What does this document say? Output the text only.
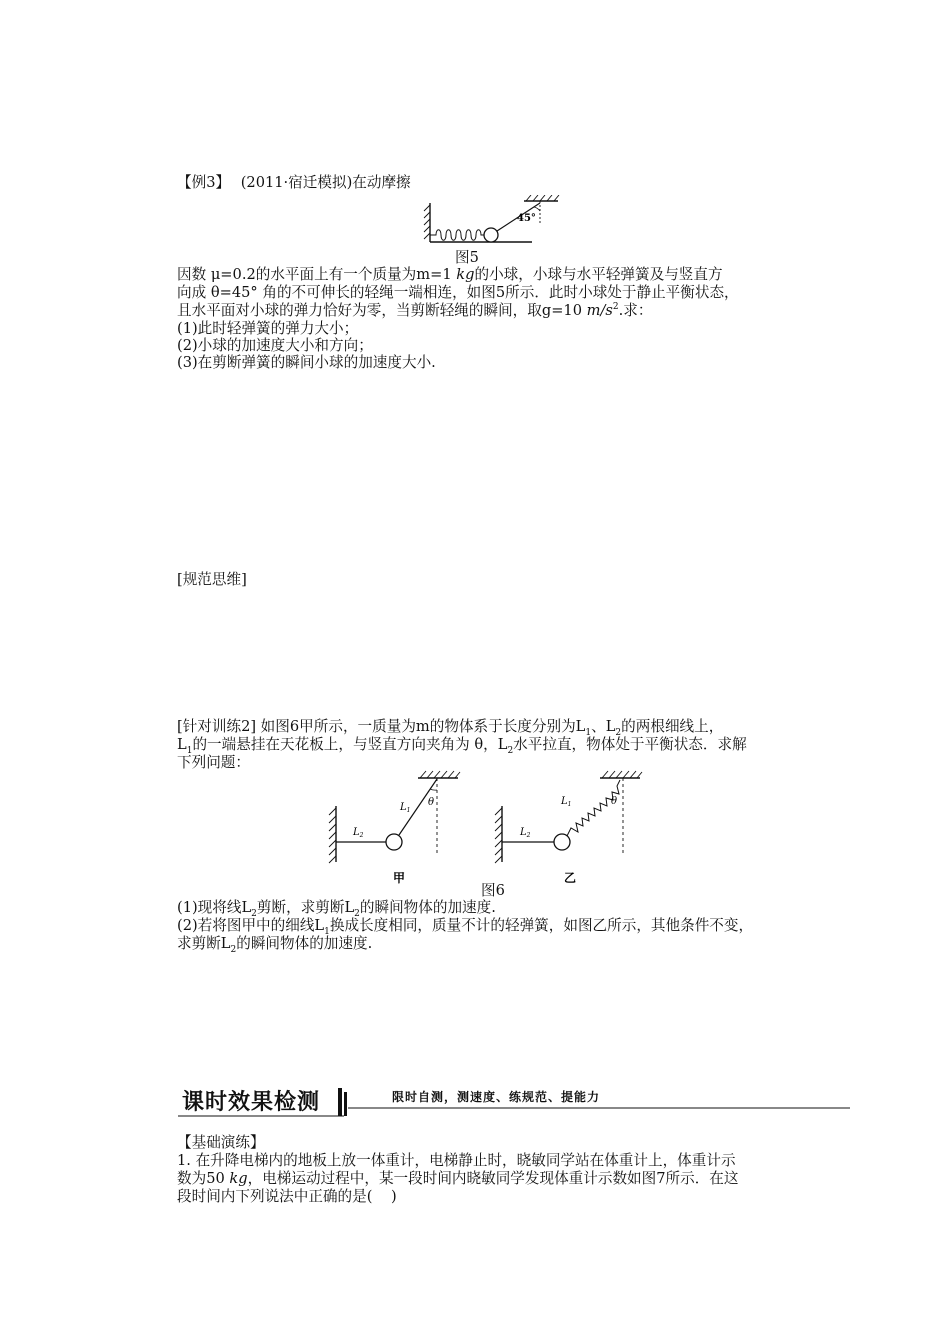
【例3】 (2011·宿迁模拟)在动摩擦
45°
图5
因数 μ=0.2的水平面上有一个质量为m=1 kg的小球，小球与水平轻弹簧及与竖直方
向成 θ=45° 角的不可伸长的轻绳一端相连，如图5所示．此时小球处于静止平衡状态，
且水平面对小球的弹力恰好为零，当剪断轻绳的瞬间，取g=10 $m/s^2$.求：
(1)此时轻弹簧的弹力大小；
(2)小球的加速度大小和方向；
(3)在剪断弹簧的瞬间小球的加速度大小.
[规范思维]
[针对训练2] 如图6甲所示，一质量为m的物体系于长度分别为$L_1$、$L_2$的两根细线上，
$L_1$的一端悬挂在天花板上，与竖直方向夹角为 θ，$L_2$水平拉直，物体处于平衡状态．求解
下列问题：
θ
$L_1$
$L_2$
甲
θ
$L_1$
$L_2$
乙
图6
(1)现将线$L_2$剪断，求剪断$L_2$的瞬间物体的加速度.
(2)若将图甲中的细线$L_1$换成长度相同，质量不计的轻弹簧，如图乙所示，其他条件不变，
求剪断$L_2$的瞬间物体的加速度.
课时效果检测	限时自测，测速度、练规范、提能力
【基础演练】
1. 在升降电梯内的地板上放一体重计，电梯静止时，晓敏同学站在体重计上，体重计示
数为50 kg，电梯运动过程中，某一段时间内晓敏同学发现体重计示数如图7所示．在这
段时间内下列说法中正确的是(    )
